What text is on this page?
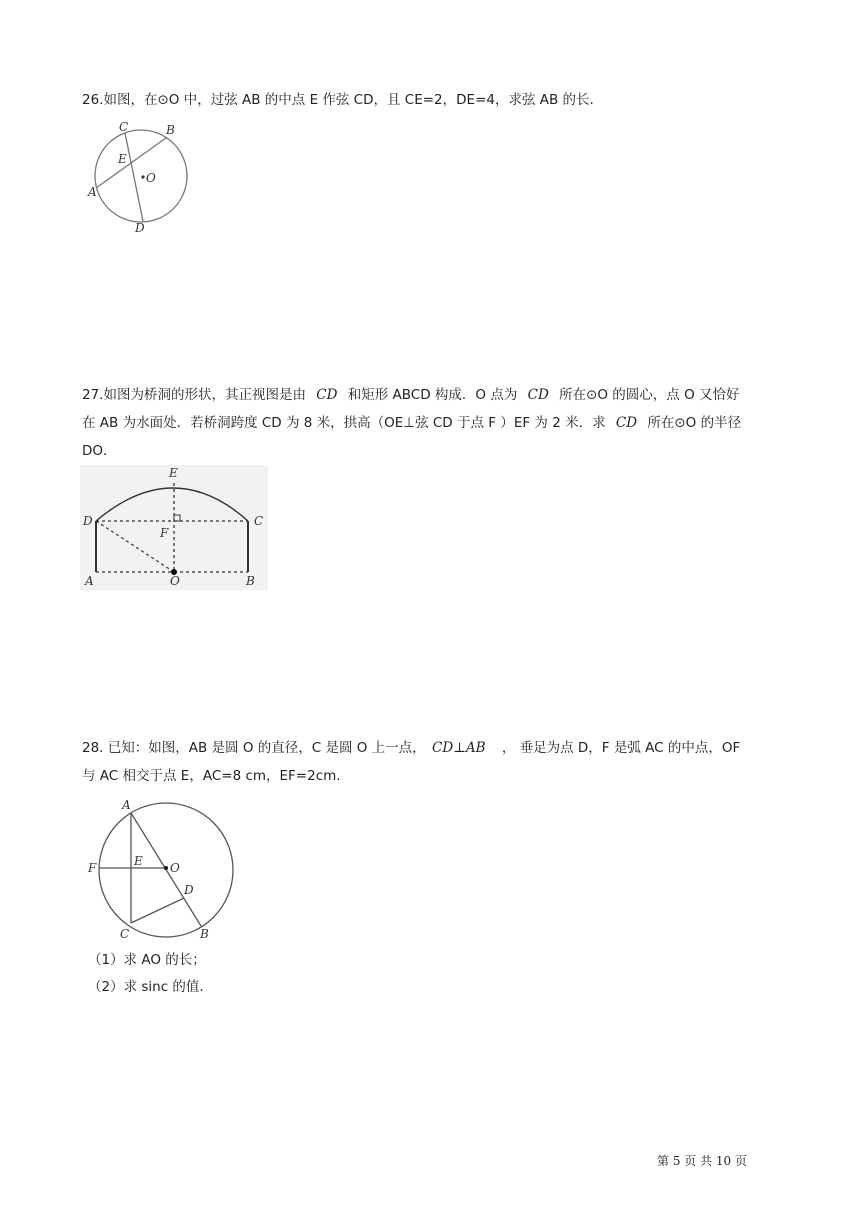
26.如图，在⊙O 中，过弦 AB 的中点 E 作弦 CD，且 CE=2，DE=4，求弦 AB 的长.
C	B
E
A
O
D
27.如图为桥洞的形状，其正视图是由 CD 和矩形 ABCD 构成．O 点为 CD 所在⊙O 的圆心，点 O 又恰好
在 AB 为水面处．若桥洞跨度 CD 为 8 米，拱高（OE⊥弦 CD 于点 F ）EF 为 2 米．求 CD 所在⊙O 的半径
DO．
E
D	C
F
A	O	B
28. 已知：如图，AB 是圆 O 的直径，C 是圆 O 上一点， CD⊥AB ， 垂足为点 D，F 是弧 AC 的中点，OF
与 AC 相交于点 E，AC=8 cm，EF=2cm.
A
F	E O
D
C	B
（1）求 AO 的长；
（2）求 sinc 的值.
第 5 页 共 10 页
